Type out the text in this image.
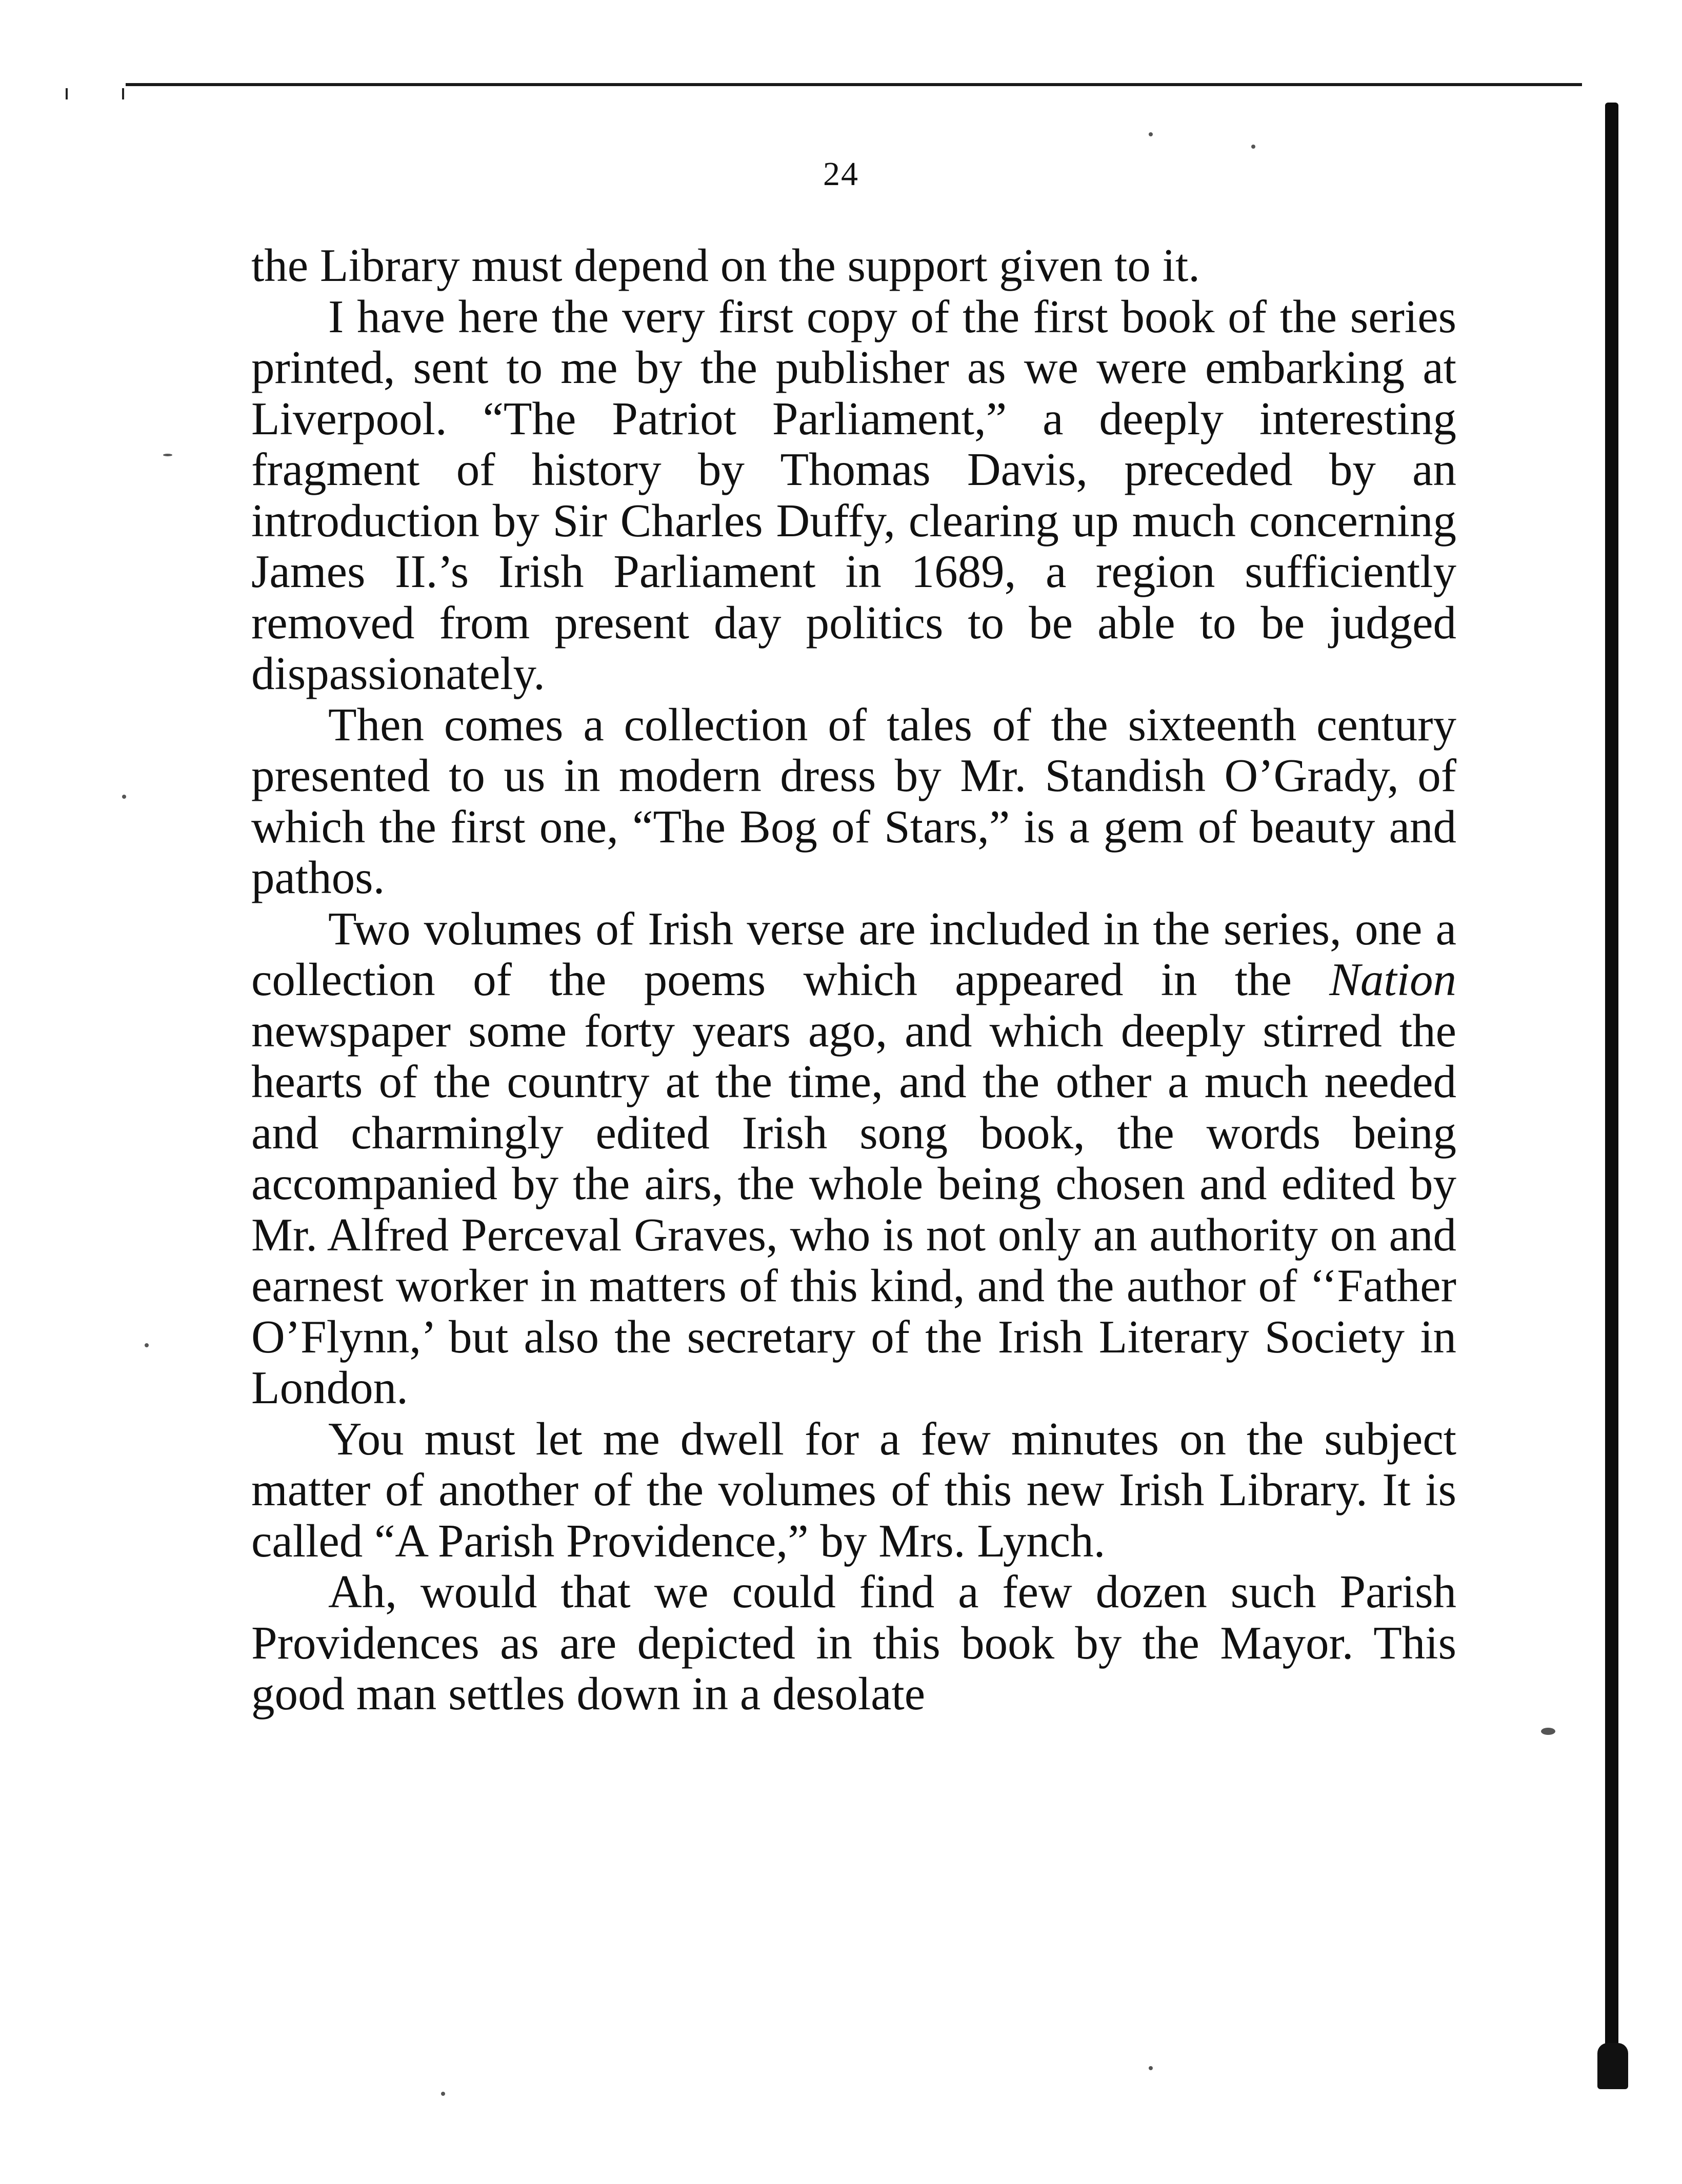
24

the Library must depend on the support given to it.

I have here the very first copy of the first book of the series printed, sent to me by the publisher as we were embarking at Liverpool. “The Patriot Parliament,” a deeply interesting fragment of history by Thomas Davis, preceded by an introduction by Sir Charles Duffy, clearing up much concerning James II.’s Irish Parliament in 1689, a region sufficiently removed from present day politics to be able to be judged dispassionately.

Then comes a collection of tales of the sixteenth century presented to us in modern dress by Mr. Standish O’Grady, of which the first one, “The Bog of Stars,” is a gem of beauty and pathos.

Two volumes of Irish verse are included in the series, one a collection of the poems which appeared in the Nation newspaper some forty years ago, and which deeply stirred the hearts of the country at the time, and the other a much needed and charmingly edited Irish song book, the words being accompanied by the airs, the whole being chosen and edited by Mr. Alfred Perceval Graves, who is not only an authority on and earnest worker in matters of this kind, and the author of ‘‘Father O’Flynn,’ but also the secretary of the Irish Literary Society in London.

You must let me dwell for a few minutes on the subject matter of another of the volumes of this new Irish Library. It is called “A Parish Providence,” by Mrs. Lynch.

Ah, would that we could find a few dozen such Parish Providences as are depicted in this book by the Mayor. This good man settles down in a desolate
